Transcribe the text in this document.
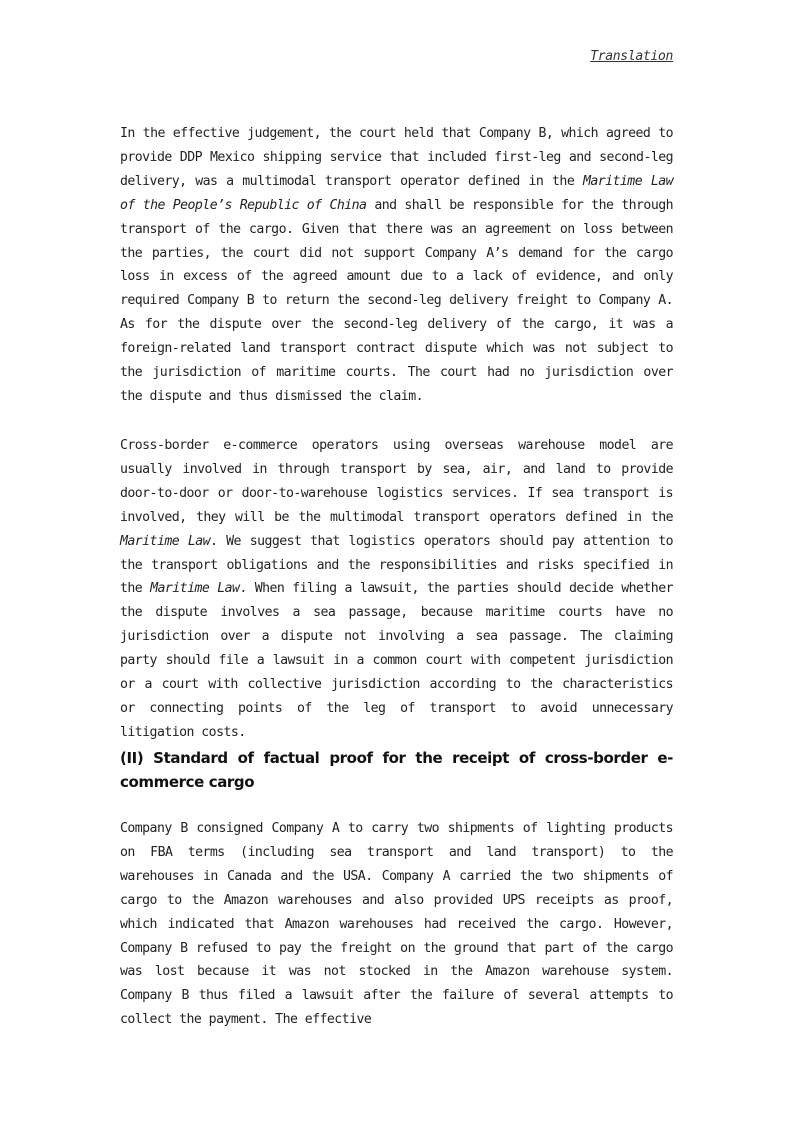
Translation

In the effective judgement, the court held that Company B, which agreed to provide DDP Mexico shipping service that included first-leg and second-leg delivery, was a multimodal transport operator defined in the Maritime Law of the People’s Republic of China and shall be responsible for the through transport of the cargo. Given that there was an agreement on loss between the parties, the court did not support Company A’s demand for the cargo loss in excess of the agreed amount due to a lack of evidence, and only required Company B to return the second-leg delivery freight to Company A. As for the dispute over the second-leg delivery of the cargo, it was a foreign-related land transport contract dispute which was not subject to the jurisdiction of maritime courts. The court had no jurisdiction over the dispute and thus dismissed the claim.

Cross-border e-commerce operators using overseas warehouse model are usually involved in through transport by sea, air, and land to provide door-to-door or door-to-warehouse logistics services. If sea transport is involved, they will be the multimodal transport operators defined in the Maritime Law. We suggest that logistics operators should pay attention to the transport obligations and the responsibilities and risks specified in the Maritime Law. When filing a lawsuit, the parties should decide whether the dispute involves a sea passage, because maritime courts have no jurisdiction over a dispute not involving a sea passage. The claiming party should file a lawsuit in a common court with competent jurisdiction or a court with collective jurisdiction according to the characteristics or connecting points of the leg of transport to avoid unnecessary litigation costs.

(II) Standard of factual proof for the receipt of cross-border e-commerce cargo

Company B consigned Company A to carry two shipments of lighting products on FBA terms (including sea transport and land transport) to the warehouses in Canada and the USA. Company A carried the two shipments of cargo to the Amazon warehouses and also provided UPS receipts as proof, which indicated that Amazon warehouses had received the cargo. However, Company B refused to pay the freight on the ground that part of the cargo was lost because it was not stocked in the Amazon warehouse system. Company B thus filed a lawsuit after the failure of several attempts to collect the payment. The effective
